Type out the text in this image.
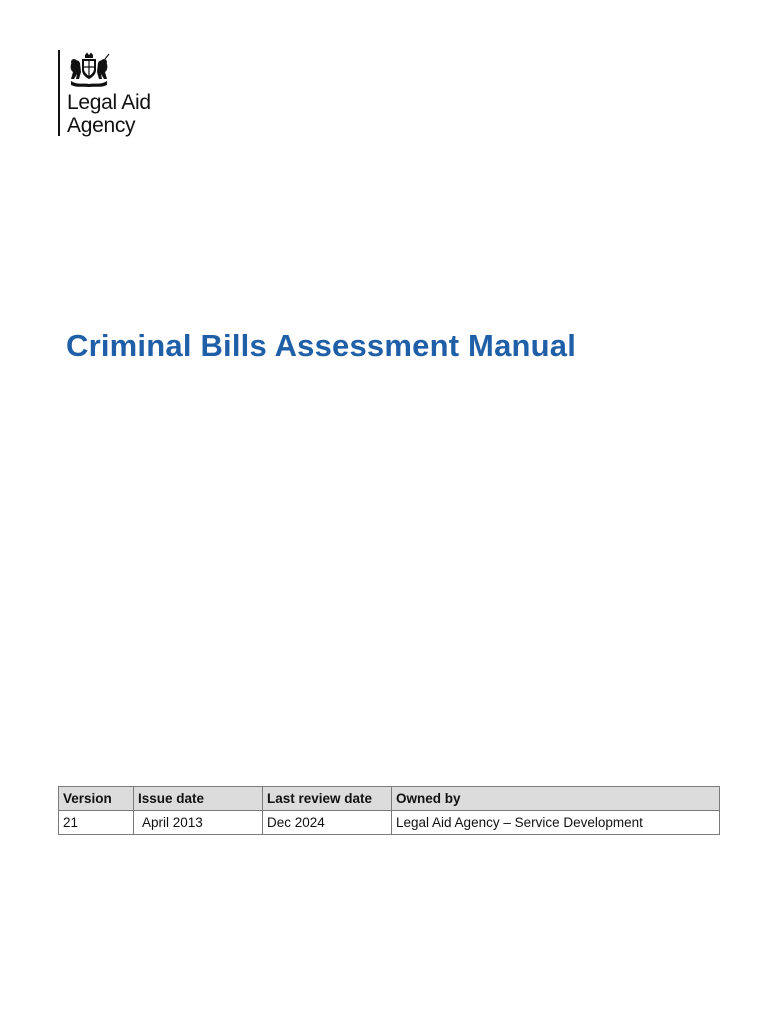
Legal Aid
Agency
Criminal Bills Assessment Manual
Version	Issue date	Last review date	Owned by
21	April 2013	Dec 2024	Legal Aid Agency – Service Development
